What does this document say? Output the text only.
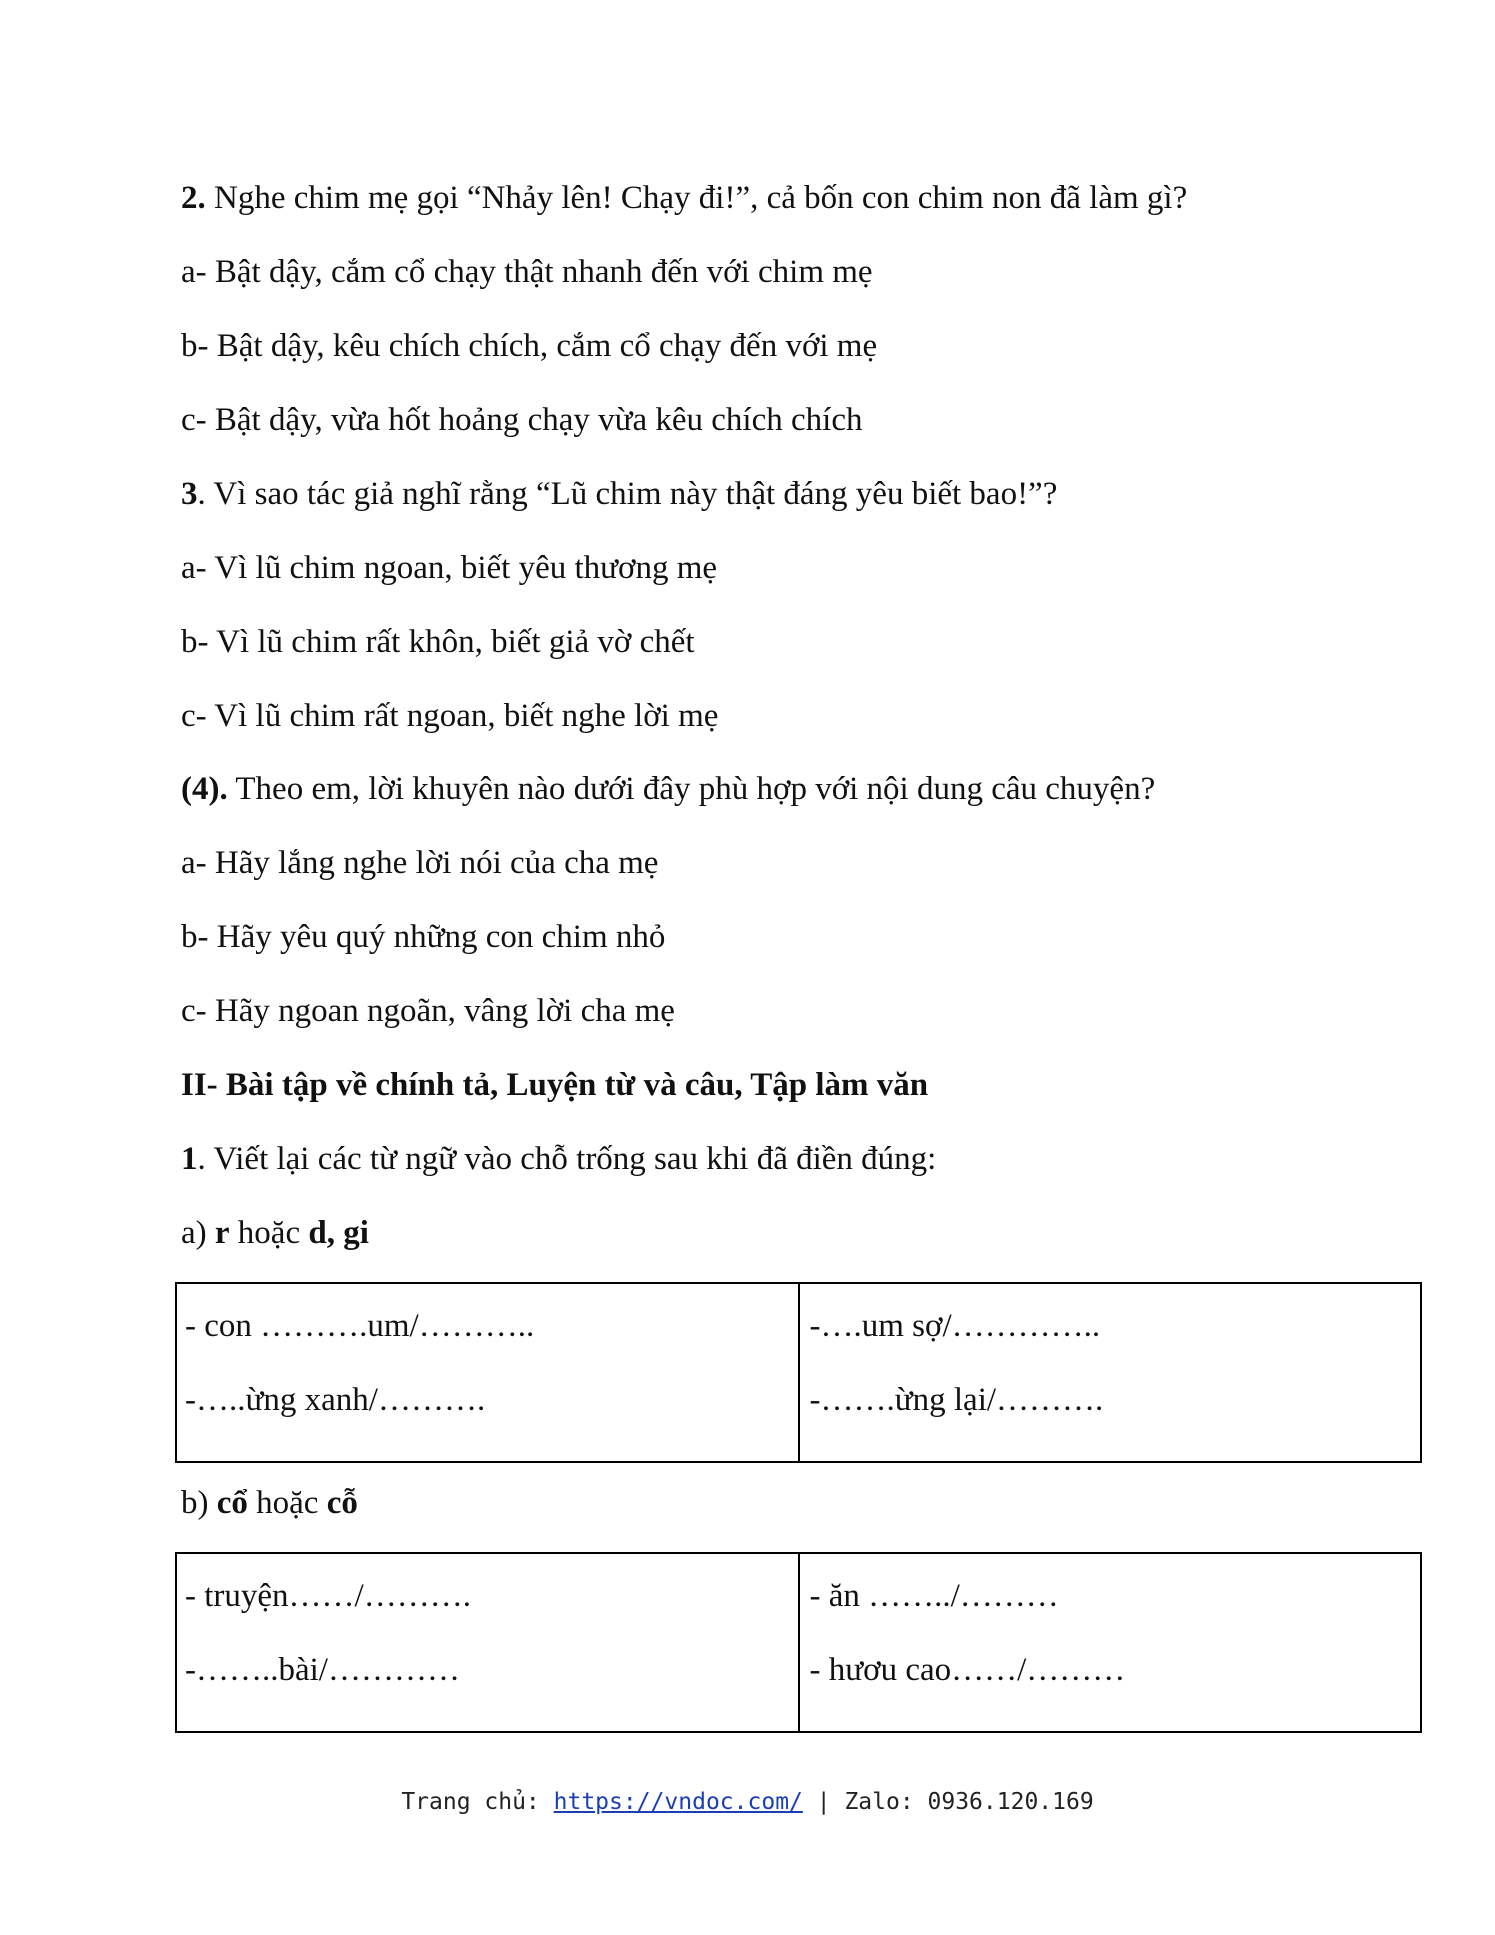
2. Nghe chim mẹ gọi “Nhảy lên! Chạy đi!”, cả bốn con chim non đã làm gì?
a- Bật dậy, cắm cổ chạy thật nhanh đến với chim mẹ
b- Bật dậy, kêu chích chích, cắm cổ chạy đến với mẹ
c- Bật dậy, vừa hốt hoảng chạy vừa kêu chích chích
3. Vì sao tác giả nghĩ rằng “Lũ chim này thật đáng yêu biết bao!”?
a- Vì lũ chim ngoan, biết yêu thương mẹ
b- Vì lũ chim rất khôn, biết giả vờ chết
c- Vì lũ chim rất ngoan, biết nghe lời mẹ
(4). Theo em, lời khuyên nào dưới đây phù hợp với nội dung câu chuyện?
a- Hãy lắng nghe lời nói của cha mẹ
b- Hãy yêu quý những con chim nhỏ
c- Hãy ngoan ngoãn, vâng lời cha mẹ
II- Bài tập về chính tả, Luyện từ và câu, Tập làm văn
1. Viết lại các từ ngữ vào chỗ trống sau khi đã điền đúng:
a) r hoặc d, gi
- con ……….um/………..
-…..ừng xanh/……….
-….um sợ/…………..
-…….ừng lại/……….
b) cổ hoặc cỗ
- truyện……/……….
-……..bài/…………
- ăn ……../………
- hươu cao……/………
Trang chủ: https://vndoc.com/ | Zalo: 0936.120.169
